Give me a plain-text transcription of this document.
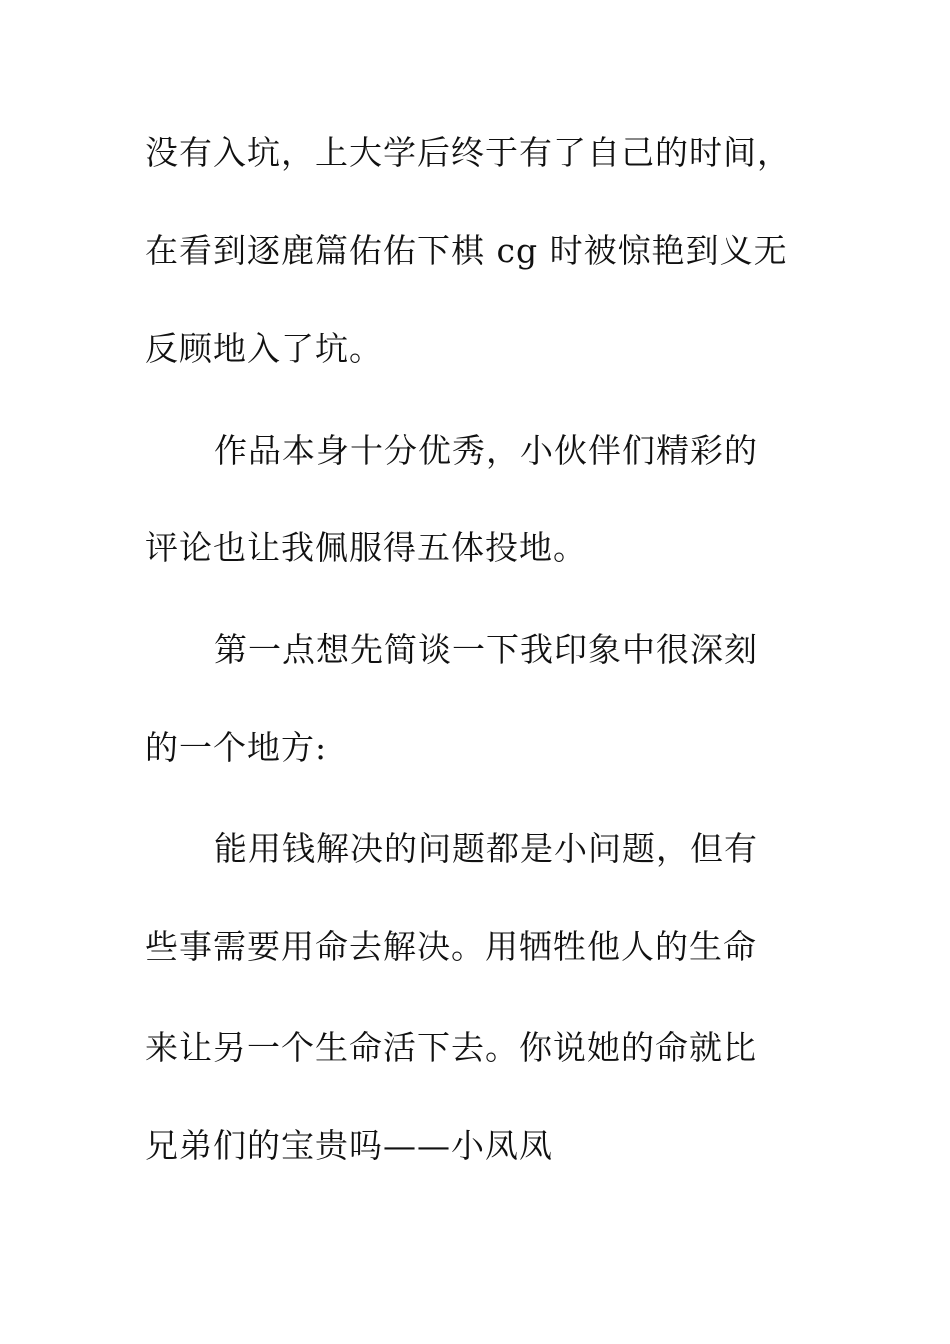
没有入坑，上大学后终于有了自己的时间，
在看到逐鹿篇佑佑下棋 cg 时被惊艳到义无
反顾地入了坑。
作品本身十分优秀，小伙伴们精彩的
评论也让我佩服得五体投地。
第一点想先简谈一下我印象中很深刻
的一个地方:
能用钱解决的问题都是小问题，但有
些事需要用命去解决。用牺牲他人的生命
来让另一个生命活下去。你说她的命就比
兄弟们的宝贵吗——小凤凤
